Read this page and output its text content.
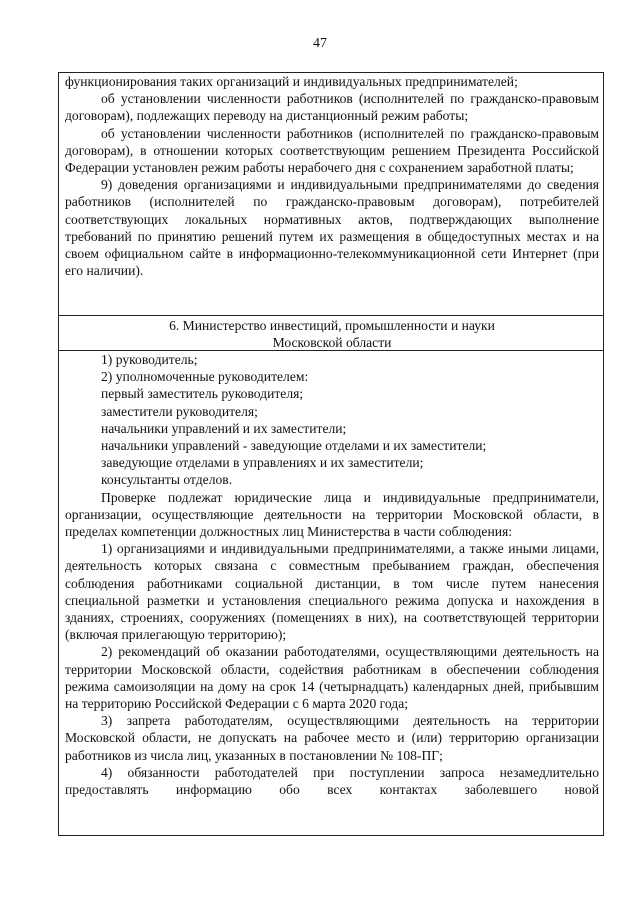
47

функционирования таких организаций и индивидуальных предпринимателей;

об установлении численности работников (исполнителей по гражданско-правовым договорам), подлежащих переводу на дистанционный режим работы;

об установлении численности работников (исполнителей по гражданско-правовым договорам), в отношении которых соответствующим решением Президента Российской Федерации установлен режим работы нерабочего дня с сохранением заработной платы;

9) доведения организациями и индивидуальными предпринимателями до сведения работников (исполнителей по гражданско-правовым договорам), потребителей соответствующих локальных нормативных актов, подтверждающих выполнение требований по принятию решений путем их размещения в общедоступных местах и на своем официальном сайте в информационно-телекоммуникационной сети Интернет (при его наличии).

6. Министерство инвестиций, промышленности и науки

Московской области

1) руководитель;

2) уполномоченные руководителем:

первый заместитель руководителя;

заместители руководителя;

начальники управлений и их заместители;

начальники управлений - заведующие отделами и их заместители;

заведующие отделами в управлениях и их заместители;

консультанты отделов.

Проверке подлежат юридические лица и индивидуальные предприниматели, организации, осуществляющие деятельности на территории Московской области, в пределах компетенции должностных лиц Министерства в части соблюдения:

1) организациями и индивидуальными предпринимателями, а также иными лицами, деятельность которых связана с совместным пребыванием граждан, обеспечения соблюдения работниками социальной дистанции, в том числе путем нанесения специальной разметки и установления специального режима допуска и нахождения в зданиях, строениях, сооружениях (помещениях в них), на соответствующей территории (включая прилегающую территорию);

2) рекомендаций об оказании работодателями, осуществляющими деятельность на территории Московской области, содействия работникам в обеспечении соблюдения режима самоизоляции на дому на срок 14 (четырнадцать) календарных дней, прибывшим на территорию Российской Федерации с 6 марта 2020 года;

3) запрета работодателям, осуществляющими деятельность на территории Московской области, не допускать на рабочее место и (или) территорию организации работников из числа лиц, указанных в постановлении № 108-ПГ;

4) обязанности работодателей при поступлении запроса незамедлительно предоставлять информацию обо всех контактах заболевшего новой
